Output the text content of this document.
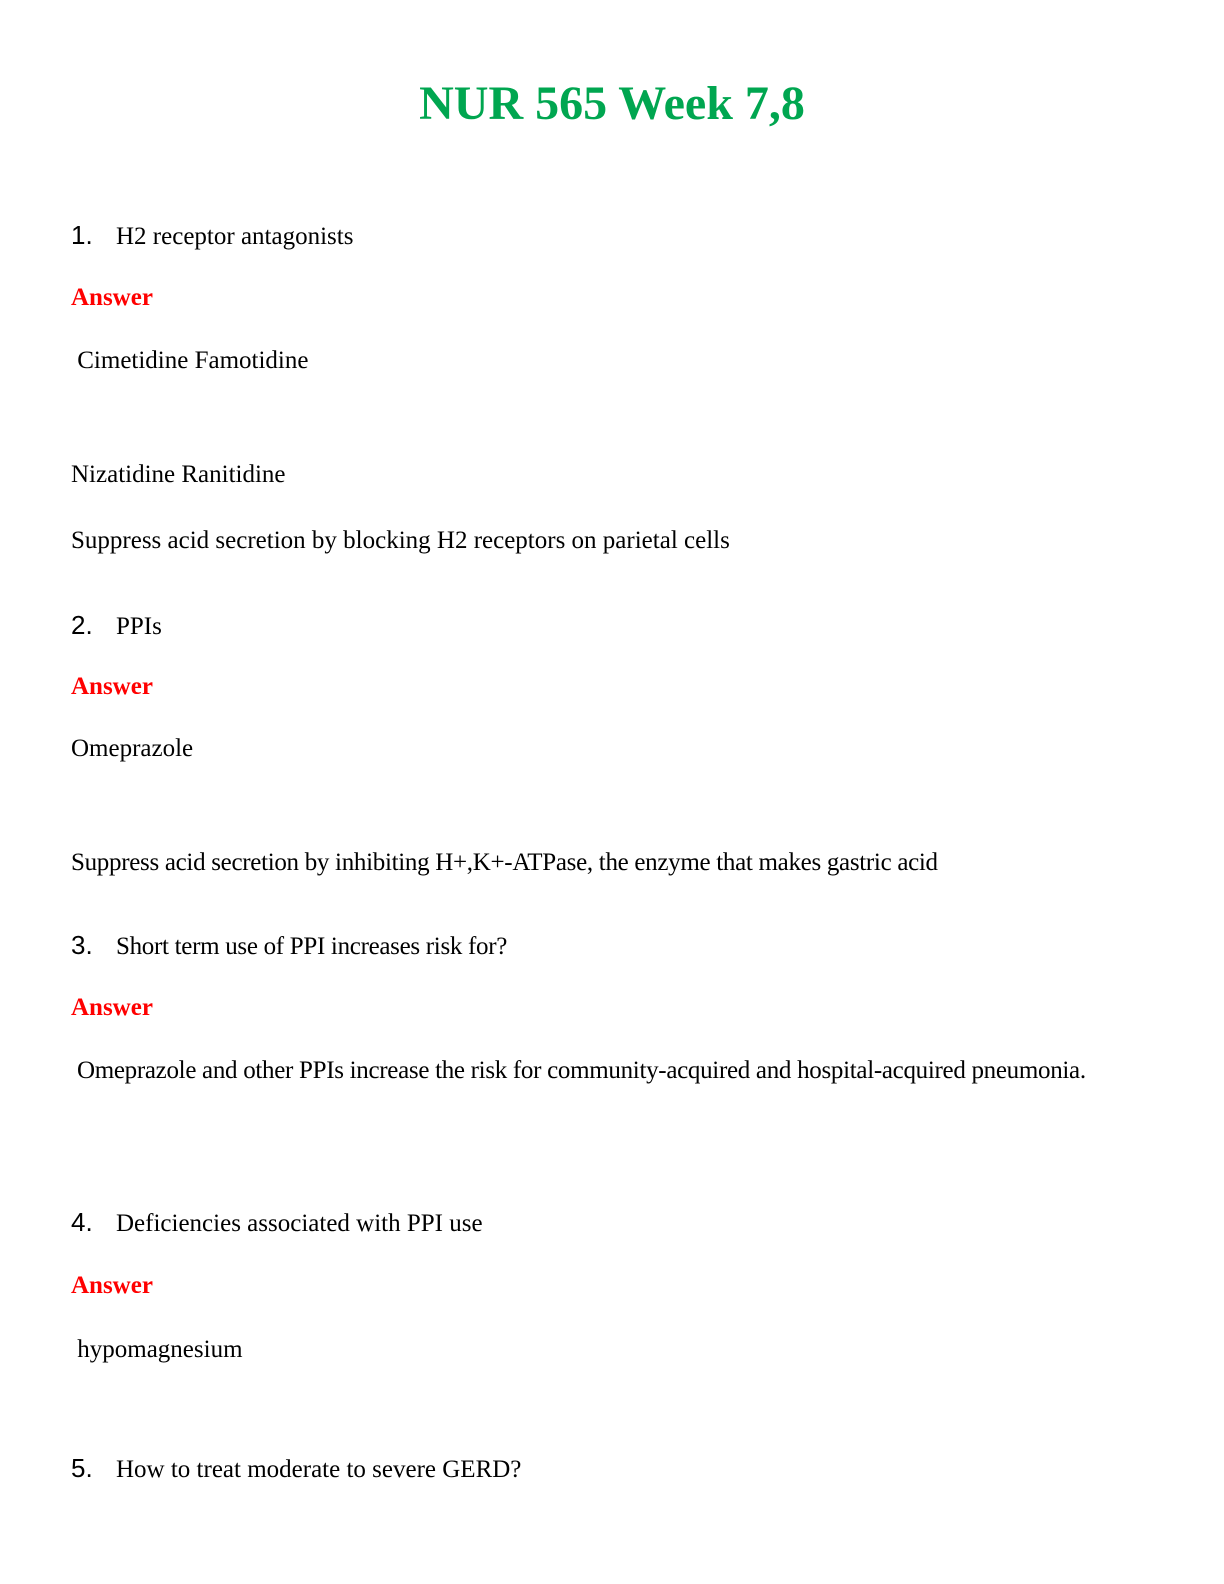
NUR 565 Week 7,8
1. H2 receptor antagonists
Answer
Cimetidine Famotidine
Nizatidine Ranitidine
Suppress acid secretion by blocking H2 receptors on parietal cells
2. PPIs
Answer
Omeprazole
Suppress acid secretion by inhibiting H+,K+-ATPase, the enzyme that makes gastric acid
3. Short term use of PPI increases risk for?
Answer
Omeprazole and other PPIs increase the risk for community-acquired and hospital-acquired pneumonia.
4. Deficiencies associated with PPI use
Answer
hypomagnesium
5. How to treat moderate to severe GERD?
